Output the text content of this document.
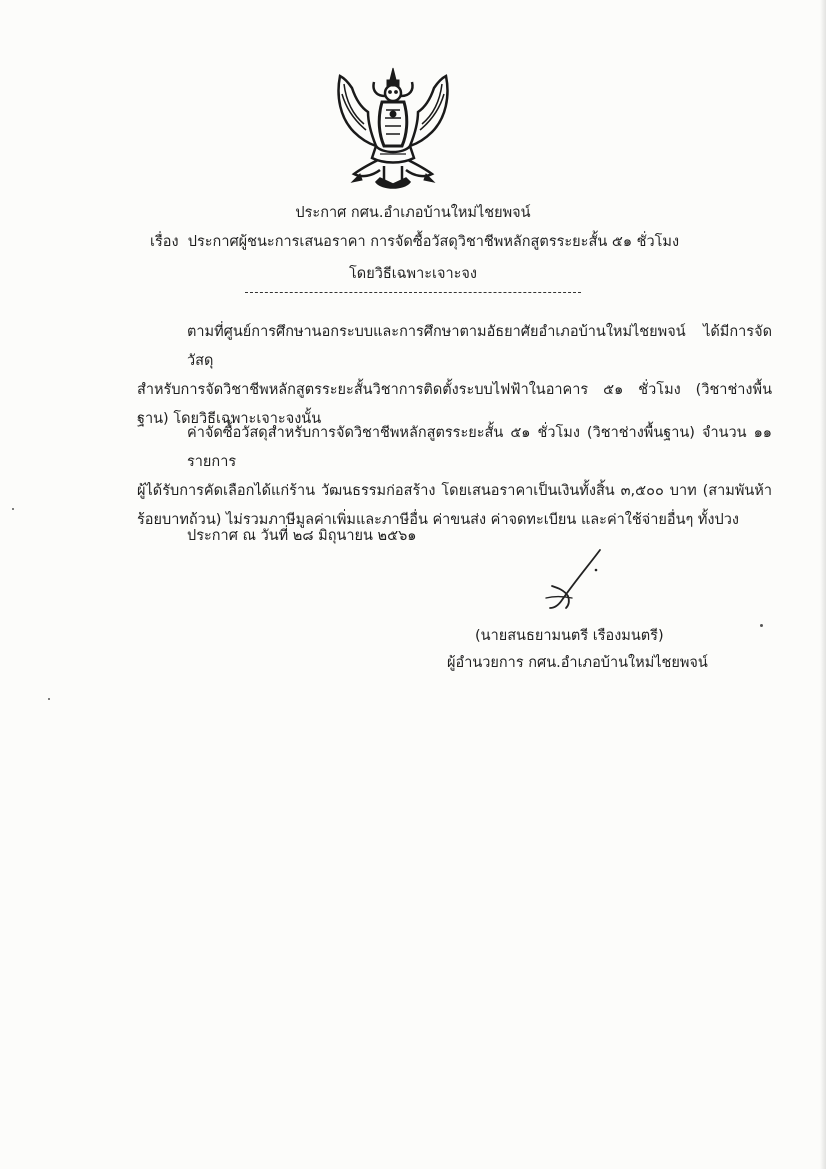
ประกาศ กศน.อำเภอบ้านใหม่ไชยพจน์
เรื่อง ประกาศผู้ชนะการเสนอราคา การจัดซื้อวัสดุวิชาชีพหลักสูตรระยะสั้น ๕๑ ชั่วโมง
โดยวิธีเฉพาะเจาะจง
ตามที่ศูนย์การศึกษานอกระบบและการศึกษาตามอัธยาศัยอำเภอบ้านใหม่ไชยพจน์ ได้มีการจัดวัสดุ
สำหรับการจัดวิชาชีพหลักสูตรระยะสั้นวิชาการติดตั้งระบบไฟฟ้าในอาคาร ๕๑ ชั่วโมง (วิชาช่างพื้นฐาน) โดยวิธีเฉพาะเจาะจงนั้น
ค่าจัดซื้อวัสดุสำหรับการจัดวิชาชีพหลักสูตรระยะสั้น ๕๑ ชั่วโมง (วิชาช่างพื้นฐาน) จำนวน ๑๑ รายการ
ผู้ได้รับการคัดเลือกได้แก่ร้าน วัฒนธรรมก่อสร้าง โดยเสนอราคาเป็นเงินทั้งสิ้น ๓,๕๐๐ บาท (สามพันห้าร้อยบาทถ้วน) ไม่รวมภาษีมูลค่าเพิ่มและภาษีอื่น ค่าขนส่ง ค่าจดทะเบียน และค่าใช้จ่ายอื่นๆ ทั้งปวง
ประกาศ ณ วันที่ ๒๘ มิถุนายน ๒๕๖๑
(นายสนธยามนตรี เรืองมนตรี)
ผู้อำนวยการ กศน.อำเภอบ้านใหม่ไชยพจน์
